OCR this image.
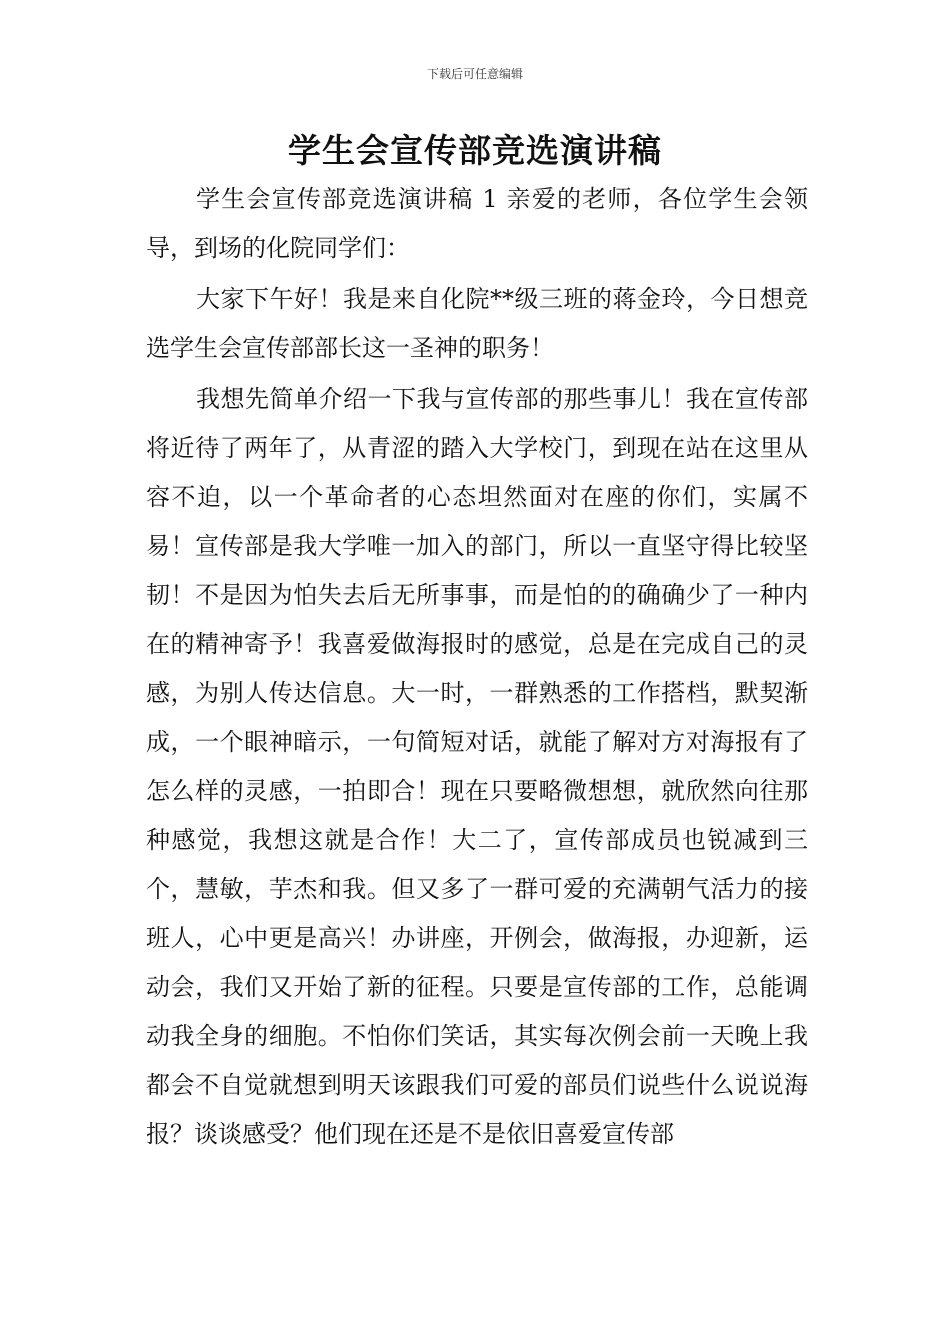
下载后可任意编辑
学生会宣传部竞选演讲稿

学生会宣传部竞选演讲稿 1 亲爱的老师，各位学生会领导，到场的化院同学们：

大家下午好！我是来自化院**级三班的蒋金玲，今日想竞选学生会宣传部部长这一圣神的职务！

我想先简单介绍一下我与宣传部的那些事儿！我在宣传部将近待了两年了，从青涩的踏入大学校门，到现在站在这里从容不迫，以一个革命者的心态坦然面对在座的你们，实属不易！宣传部是我大学唯一加入的部门，所以一直坚守得比较坚韧！不是因为怕失去后无所事事，而是怕的的确确少了一种内在的精神寄予！我喜爱做海报时的感觉，总是在完成自己的灵感，为别人传达信息。大一时，一群熟悉的工作搭档，默契渐成，一个眼神暗示，一句简短对话，就能了解对方对海报有了怎么样的灵感，一拍即合！现在只要略微想想，就欣然向往那种感觉，我想这就是合作！大二了，宣传部成员也锐减到三个，慧敏，芋杰和我。但又多了一群可爱的充满朝气活力的接班人，心中更是高兴！办讲座，开例会，做海报，办迎新，运动会，我们又开始了新的征程。只要是宣传部的工作，总能调动我全身的细胞。不怕你们笑话，其实每次例会前一天晚上我都会不自觉就想到明天该跟我们可爱的部员们说些什么说说海报？谈谈感受？他们现在还是不是依旧喜爱宣传部
